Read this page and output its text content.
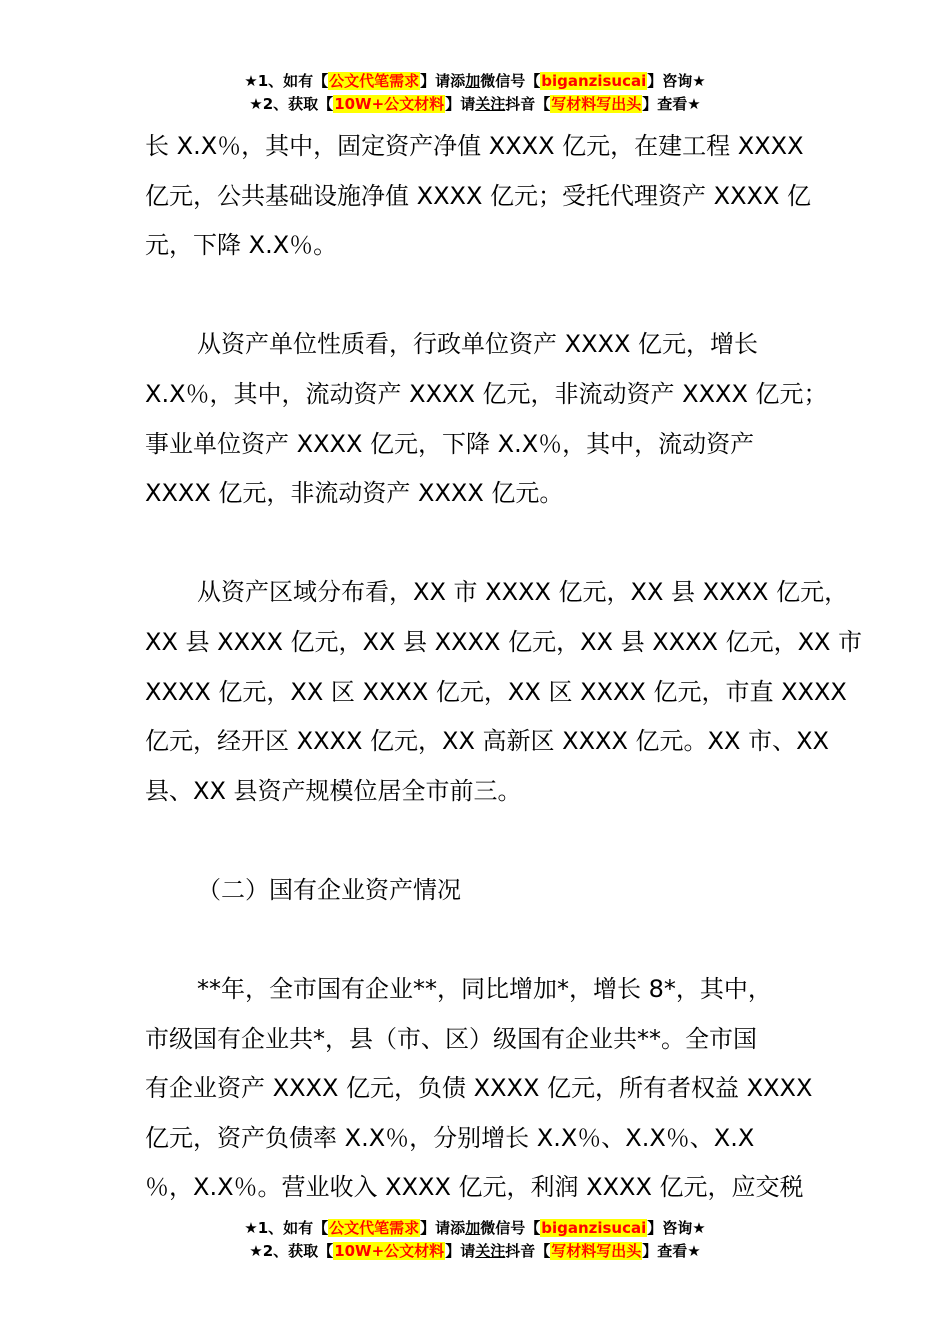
★1、如有【公文代笔需求】请添加微信号【biganzisucai】咨询★
★2、获取【10W+公文材料】请关注抖音【写材料写出头】查看★

长 X.X％，其中，固定资产净值 XXXX 亿元，在建工程 XXXX

亿元，公共基础设施净值 XXXX 亿元；受托代理资产 XXXX 亿

元，下降 X.X％。

从资产单位性质看，行政单位资产 XXXX 亿元，增长

X.X％，其中，流动资产 XXXX 亿元，非流动资产 XXXX 亿元；

事业单位资产 XXXX 亿元，下降 X.X％，其中，流动资产

XXXX 亿元，非流动资产 XXXX 亿元。

从资产区域分布看，XX 市 XXXX 亿元，XX 县 XXXX 亿元，

XX 县 XXXX 亿元，XX 县 XXXX 亿元，XX 县 XXXX 亿元，XX 市

XXXX 亿元，XX 区 XXXX 亿元，XX 区 XXXX 亿元，市直 XXXX

亿元，经开区 XXXX 亿元，XX 高新区 XXXX 亿元。XX 市、XX

县、XX 县资产规模位居全市前三。

（二）国有企业资产情况

**年，全市国有企业**，同比增加*，增长 8*，其中，

市级国有企业共*，县（市、区）级国有企业共**。全市国

有企业资产 XXXX 亿元，负债 XXXX 亿元，所有者权益 XXXX

亿元，资产负债率 X.X％，分别增长 X.X％、X.X％、X.X

％，X.X％。营业收入 XXXX 亿元，利润 XXXX 亿元，应交税

★1、如有【公文代笔需求】请添加微信号【biganzisucai】咨询★
★2、获取【10W+公文材料】请关注抖音【写材料写出头】查看★
